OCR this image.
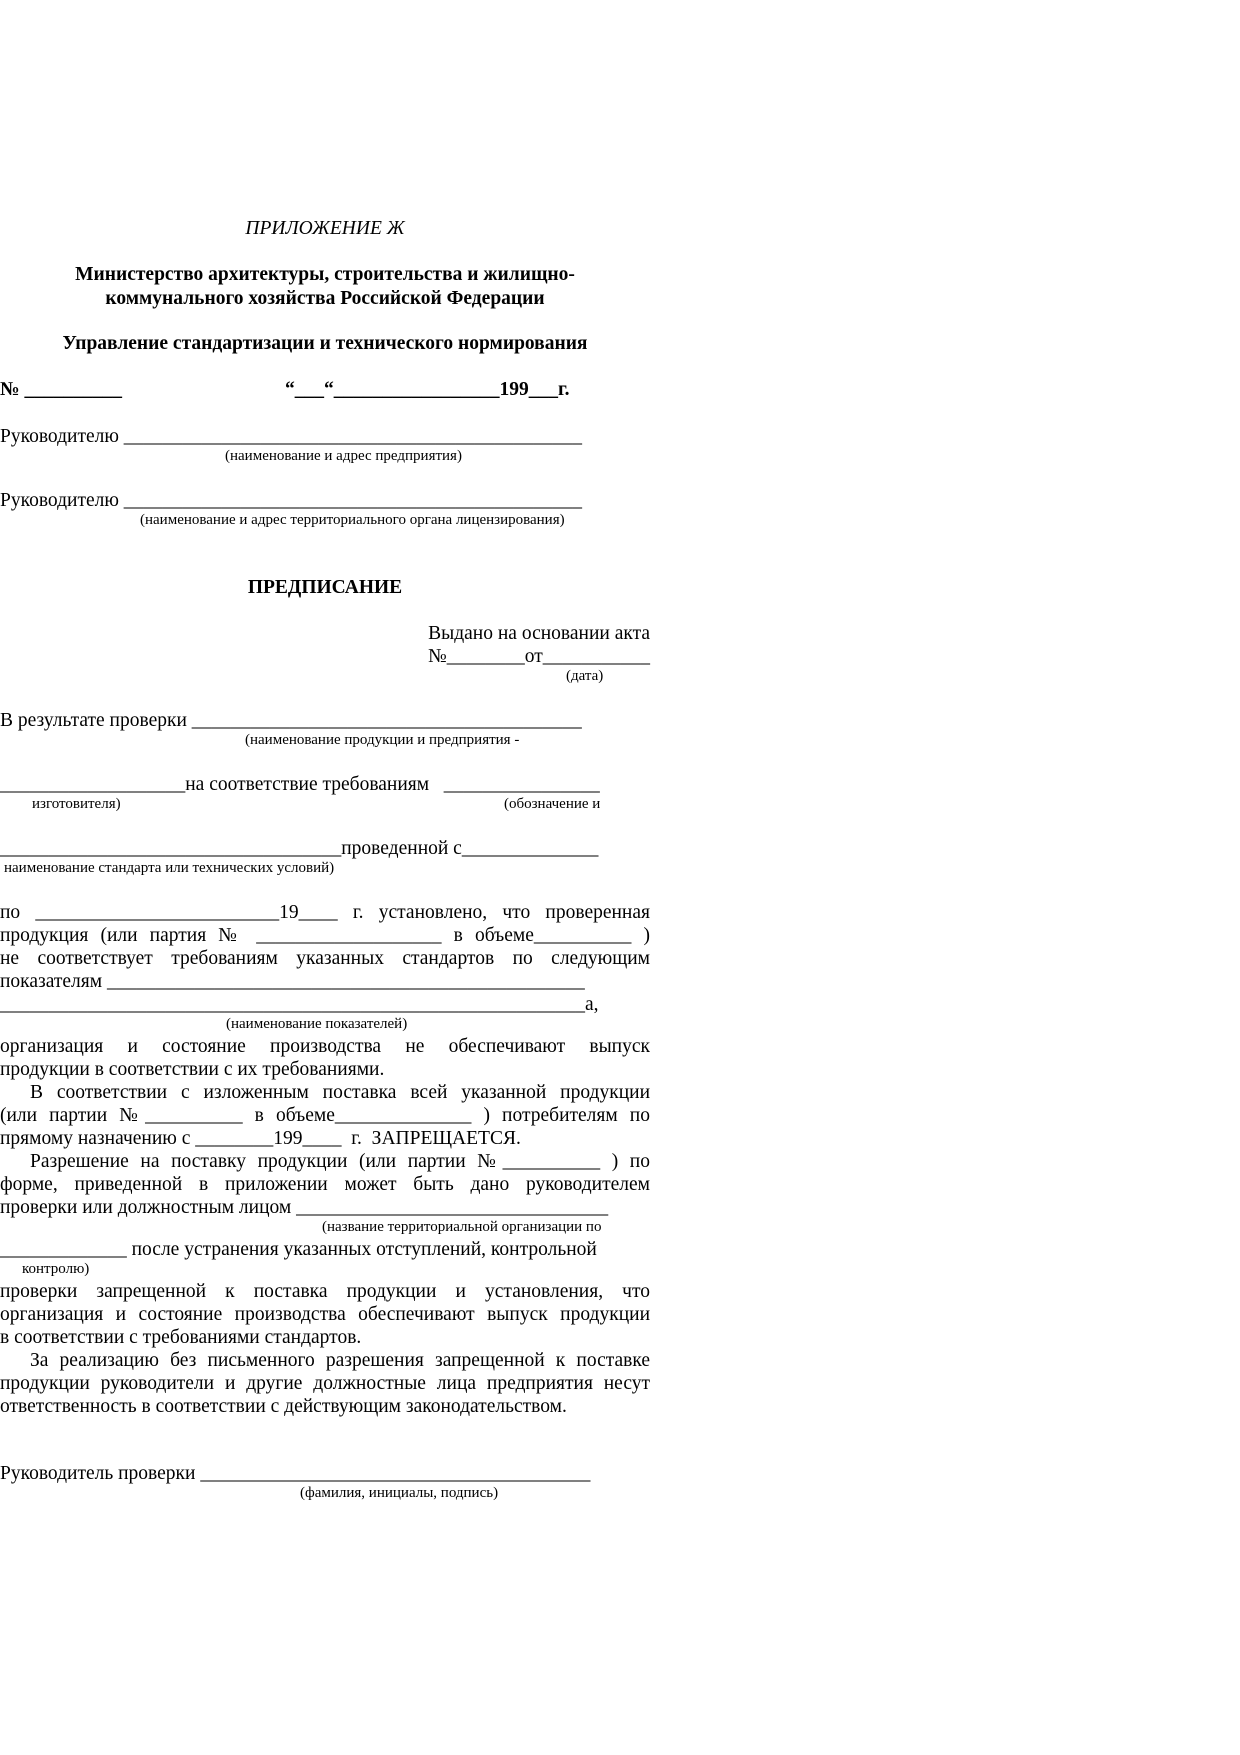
ПРИЛОЖЕНИЕ Ж
Министерство архитектуры, строительства и жилищно-
коммунального хозяйства Российской Федерации
Управление стандартизации и технического нормирования
№ __________	“___“_________________199___г.
Руководителю _______________________________________________
(наименование и адрес предприятия)
Руководителю _______________________________________________
(наименование и адрес территориального органа лицензирования)
ПРЕДПИСАНИЕ
Выдано на основании акта
№________от___________
(дата)
В результате проверки ________________________________________
(наименование продукции и предприятия -
___________________на соответствие требованиям   ________________
изготовителя)	(обозначение и
___________________________________проведенной с______________
наименование стандарта или технических условий)
по _________________________19____ г. установлено, что проверенная
продукция (или партия № ___________________ в объеме__________ )
не соответствует требованиям указанных стандартов по следующим
показателям _________________________________________________
____________________________________________________________а,
(наименование показателей)
организация и состояние производства не обеспечивают выпуск
продукции в соответствии с их требованиями.
В соответствии с изложенным поставка всей указанной продукции
(или партии №__________ в объеме______________ ) потребителям по
прямому назначению с ________199____  г.  ЗАПРЕЩАЕТСЯ.
Разрешение на поставку продукции (или партии №__________ ) по
форме, приведенной в приложении может быть дано руководителем
проверки или должностным лицом ________________________________
(название территориальной организации по
_____________ после устранения указанных отступлений, контрольной
контролю)
проверки запрещенной к поставка продукции и установления, что
организация и состояние производства обеспечивают выпуск продукции
в соответствии с требованиями стандартов.
За реализацию без письменного разрешения запрещенной к поставке
продукции руководители и другие должностные лица предприятия несут
ответственность в соответствии с действующим законодательством.
Руководитель проверки ________________________________________
(фамилия, инициалы, подпись)
